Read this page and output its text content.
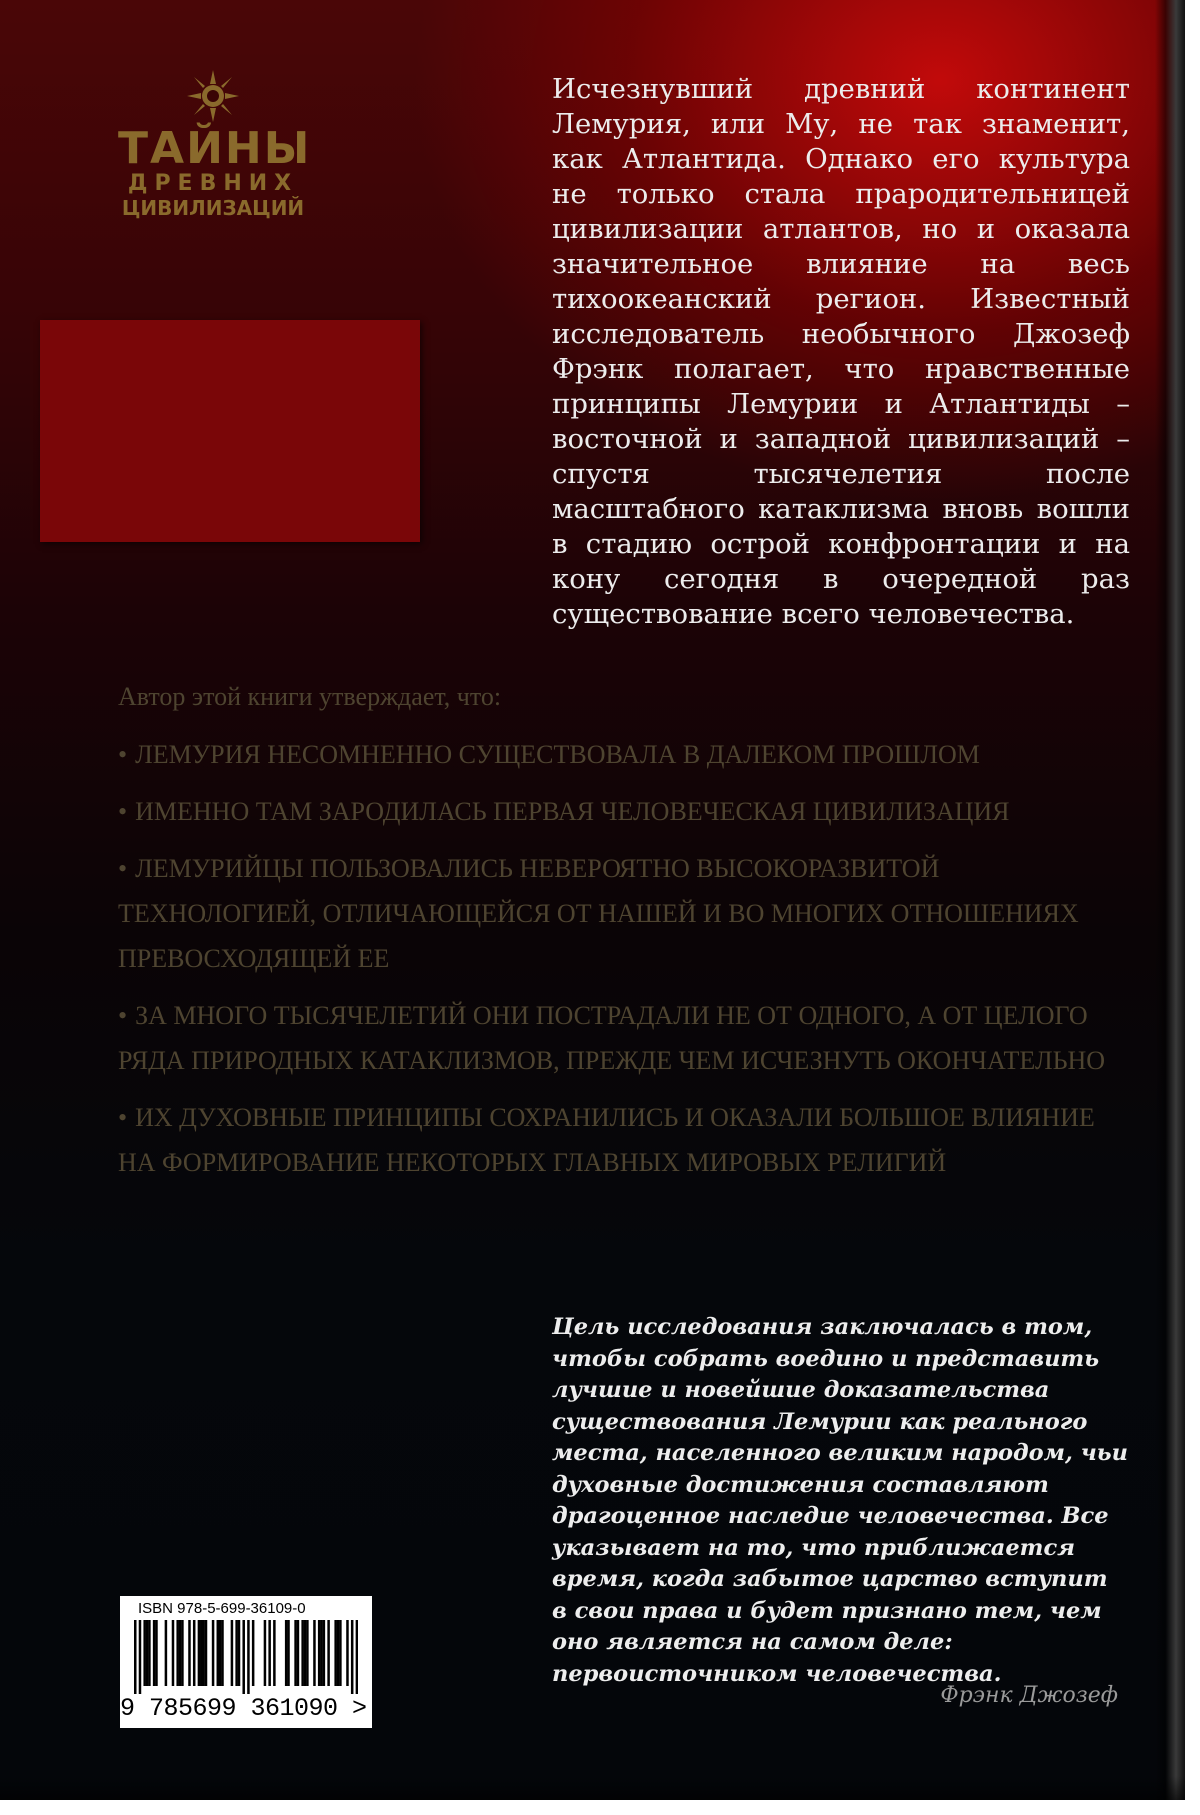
ТАЙНЫ
ДРЕВНИХ
ЦИВИЛИЗАЦИЙ

Исчезнувший древний континент Лемурия, или Му, не так знаменит, как Атлантида. Однако его культура не только стала прародительницей цивилизации атлантов, но и оказала значительное влияние на весь тихоокеанский регион. Известный исследователь необычного Джозеф Фрэнк полагает, что нравственные принципы Лемурии и Атлантиды – восточной и западной цивилизаций – спустя тысячелетия после масштабного катаклизма вновь вошли в стадию острой конфронтации и на кону сегодня в очередной раз существование всего человечества.

Автор этой книги утверждает, что:

• ЛЕМУРИЯ НЕСОМНЕННО СУЩЕСТВОВАЛА В ДАЛЕКОМ ПРОШЛОМ
• ИМЕННО ТАМ ЗАРОДИЛАСЬ ПЕРВАЯ ЧЕЛОВЕЧЕСКАЯ ЦИВИЛИЗАЦИЯ
• ЛЕМУРИЙЦЫ ПОЛЬЗОВАЛИСЬ НЕВЕРОЯТНО ВЫСОКОРАЗВИТОЙ ТЕХНОЛОГИЕЙ, ОТЛИЧАЮЩЕЙСЯ ОТ НАШЕЙ И ВО МНОГИХ ОТНОШЕНИЯХ ПРЕВОСХОДЯЩЕЙ ЕЕ
• ЗА МНОГО ТЫСЯЧЕЛЕТИЙ ОНИ ПОСТРАДАЛИ НЕ ОТ ОДНОГО, А ОТ ЦЕЛОГО РЯДА ПРИРОДНЫХ КАТАКЛИЗМОВ, ПРЕЖДЕ ЧЕМ ИСЧЕЗНУТЬ ОКОНЧАТЕЛЬНО
• ИХ ДУХОВНЫЕ ПРИНЦИПЫ СОХРАНИЛИСЬ И ОКАЗАЛИ БОЛЬШОЕ ВЛИЯНИЕ НА ФОРМИРОВАНИЕ НЕКОТОРЫХ ГЛАВНЫХ МИРОВЫХ РЕЛИГИЙ

Цель исследования заключалась в том, чтобы собрать воедино и представить лучшие и новейшие доказательства существования Лемурии как реального места, населенного великим народом, чьи духовные достижения составляют драгоценное наследие человечества. Все указывает на то, что приближается время, когда забытое царство вступит в свои права и будет признано тем, чем оно является на самом деле: первоисточником человечества.

Фрэнк Джозеф
ISBN 978-5-699-36109-0
9 785699 361090 >
